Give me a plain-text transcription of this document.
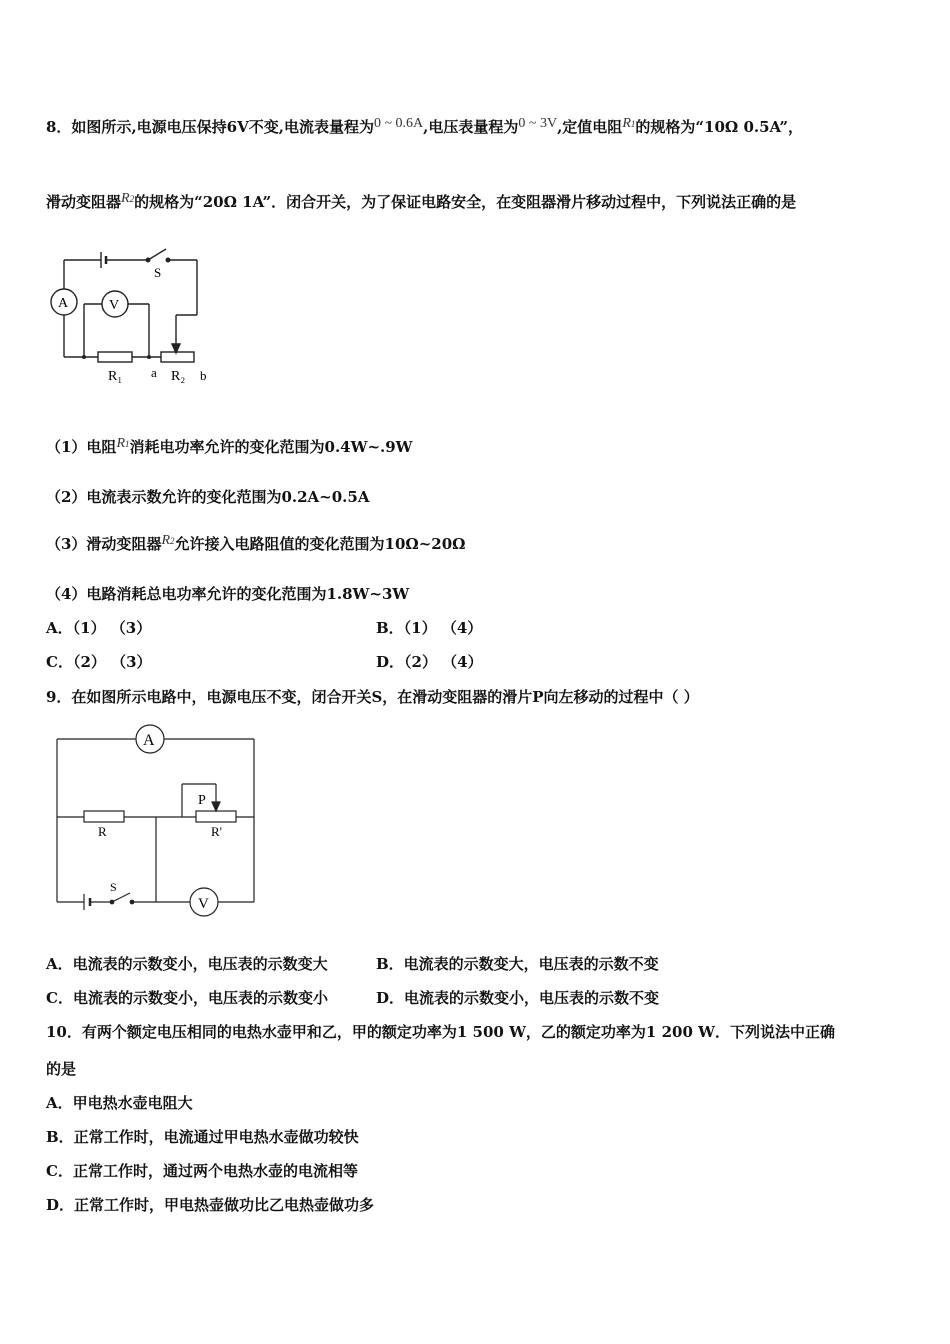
8．如图所示,电源电压保持6V不变,电流表量程为0 ~ 0.6A,电压表量程为0 ~ 3V,定值电阻R1的规格为“10Ω 0.5A”，
滑动变阻器R2的规格为“20Ω 1A”．闭合开关，为了保证电路安全，在变阻器滑片移动过程中，下列说法正确的是
S
A	V
R₁ a R₂ b
（1）电阻R1消耗电功率允许的变化范围为0.4W~.9W
（2）电流表示数允许的变化范围为0.2A~0.5A
（3）滑动变阻器R2允许接入电路阻值的变化范围为10Ω~20Ω
（4）电路消耗总电功率允许的变化范围为1.8W~3W
A．（1） （3）	B．（1） （4）
C．（2） （3）	D．（2） （4）
9．在如图所示电路中，电源电压不变，闭合开关S，在滑动变阻器的滑片P向左移动的过程中（ ）
A
P
R	R'
S
V
A．电流表的示数变小，电压表的示数变大	B．电流表的示数变大，电压表的示数不变
C．电流表的示数变小，电压表的示数变小	D．电流表的示数变小，电压表的示数不变
10．有两个额定电压相同的电热水壶甲和乙，甲的额定功率为1 500 W，乙的额定功率为1 200 W．下列说法中正确
的是
A．甲电热水壶电阻大
B．正常工作时，电流通过甲电热水壶做功较快
C．正常工作时，通过两个电热水壶的电流相等
D．正常工作时，甲电热壶做功比乙电热壶做功多
